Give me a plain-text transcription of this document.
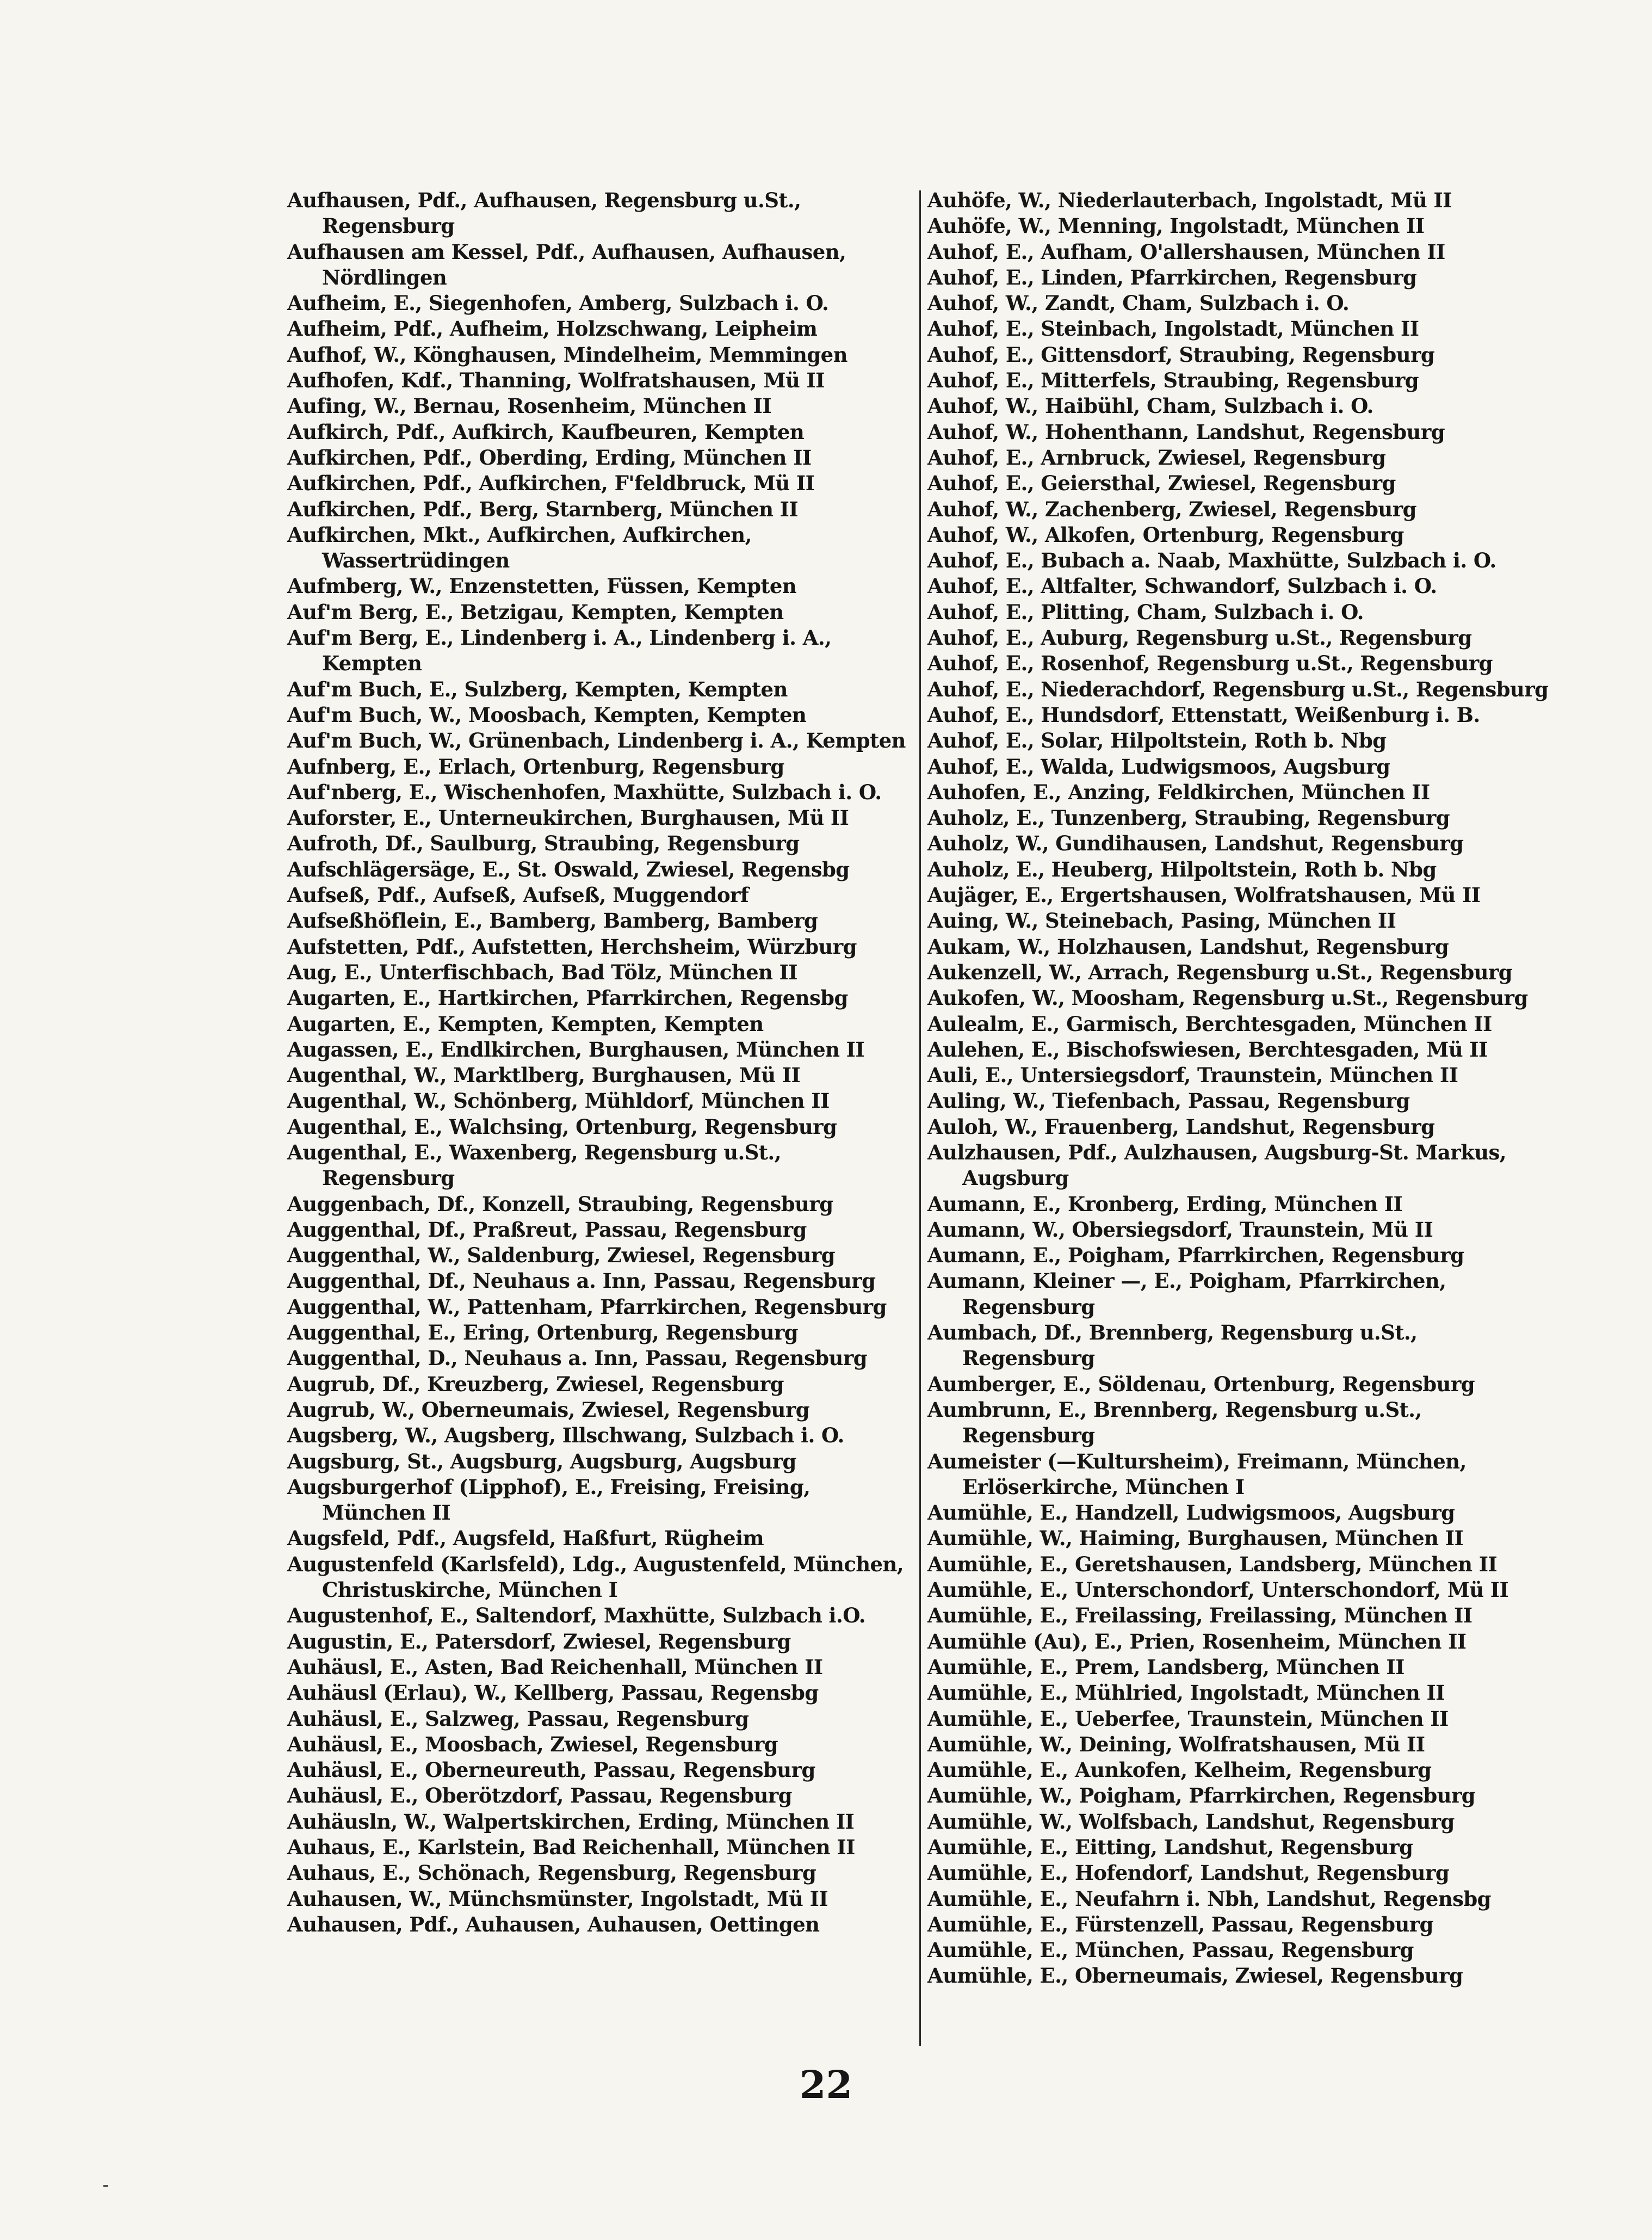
Aufhausen, Pdf., Aufhausen, Regensburg u.St., Regensburg
Aufhausen am Kessel, Pdf., Aufhausen, Aufhausen, Nördlingen
Aufheim, E., Siegenhofen, Amberg, Sulzbach i. O.
Aufheim, Pdf., Aufheim, Holzschwang, Leipheim
Aufhof, W., Könghausen, Mindelheim, Memmingen
Aufhofen, Kdf., Thanning, Wolfratshausen, Mü II
Aufing, W., Bernau, Rosenheim, München II
Aufkirch, Pdf., Aufkirch, Kaufbeuren, Kempten
Aufkirchen, Pdf., Oberding, Erding, München II
Aufkirchen, Pdf., Aufkirchen, F'feldbruck, Mü II
Aufkirchen, Pdf., Berg, Starnberg, München II
Aufkirchen, Mkt., Aufkirchen, Aufkirchen, Wassertrüdingen
Aufmberg, W., Enzenstetten, Füssen, Kempten
Auf'm Berg, E., Betzigau, Kempten, Kempten
Auf'm Berg, E., Lindenberg i. A., Lindenberg i. A., Kempten
Auf'm Buch, E., Sulzberg, Kempten, Kempten
Auf'm Buch, W., Moosbach, Kempten, Kempten
Auf'm Buch, W., Grünenbach, Lindenberg i. A., Kempten
Aufnberg, E., Erlach, Ortenburg, Regensburg
Auf'nberg, E., Wischenhofen, Maxhütte, Sulzbach i. O.
Auforster, E., Unterneukirchen, Burghausen, Mü II
Aufroth, Df., Saulburg, Straubing, Regensburg
Aufschlägersäge, E., St. Oswald, Zwiesel, Regensbg
Aufseß, Pdf., Aufseß, Aufseß, Muggendorf
Aufseßhöflein, E., Bamberg, Bamberg, Bamberg
Aufstetten, Pdf., Aufstetten, Herchsheim, Würzburg
Aug, E., Unterfischbach, Bad Tölz, München II
Augarten, E., Hartkirchen, Pfarrkirchen, Regensbg
Augarten, E., Kempten, Kempten, Kempten
Augassen, E., Endlkirchen, Burghausen, München II
Augenthal, W., Marktlberg, Burghausen, Mü II
Augenthal, W., Schönberg, Mühldorf, München II
Augenthal, E., Walchsing, Ortenburg, Regensburg
Augenthal, E., Waxenberg, Regensburg u.St., Regensburg
Auggenbach, Df., Konzell, Straubing, Regensburg
Auggenthal, Df., Praßreut, Passau, Regensburg
Auggenthal, W., Saldenburg, Zwiesel, Regensburg
Auggenthal, Df., Neuhaus a. Inn, Passau, Regensburg
Auggenthal, W., Pattenham, Pfarrkirchen, Regensburg
Auggenthal, E., Ering, Ortenburg, Regensburg
Auggenthal, D., Neuhaus a. Inn, Passau, Regensburg
Augrub, Df., Kreuzberg, Zwiesel, Regensburg
Augrub, W., Oberneumais, Zwiesel, Regensburg
Augsberg, W., Augsberg, Illschwang, Sulzbach i. O.
Augsburg, St., Augsburg, Augsburg, Augsburg
Augsburgerhof (Lipphof), E., Freising, Freising, München II
Augsfeld, Pdf., Augsfeld, Haßfurt, Rügheim
Augustenfeld (Karlsfeld), Ldg., Augustenfeld, München, Christuskirche, München I
Augustenhof, E., Saltendorf, Maxhütte, Sulzbach i.O.
Augustin, E., Patersdorf, Zwiesel, Regensburg
Auhäusl, E., Asten, Bad Reichenhall, München II
Auhäusl (Erlau), W., Kellberg, Passau, Regensbg
Auhäusl, E., Salzweg, Passau, Regensburg
Auhäusl, E., Moosbach, Zwiesel, Regensburg
Auhäusl, E., Oberneureuth, Passau, Regensburg
Auhäusl, E., Oberötzdorf, Passau, Regensburg
Auhäusln, W., Walpertskirchen, Erding, München II
Auhaus, E., Karlstein, Bad Reichenhall, München II
Auhaus, E., Schönach, Regensburg, Regensburg
Auhausen, W., Münchsmünster, Ingolstadt, Mü II
Auhausen, Pdf., Auhausen, Auhausen, Oettingen
Auhöfe, W., Niederlauterbach, Ingolstadt, Mü II
Auhöfe, W., Menning, Ingolstadt, München II
Auhof, E., Aufham, O'allershausen, München II
Auhof, E., Linden, Pfarrkirchen, Regensburg
Auhof, W., Zandt, Cham, Sulzbach i. O.
Auhof, E., Steinbach, Ingolstadt, München II
Auhof, E., Gittensdorf, Straubing, Regensburg
Auhof, E., Mitterfels, Straubing, Regensburg
Auhof, W., Haibühl, Cham, Sulzbach i. O.
Auhof, W., Hohenthann, Landshut, Regensburg
Auhof, E., Arnbruck, Zwiesel, Regensburg
Auhof, E., Geiersthal, Zwiesel, Regensburg
Auhof, W., Zachenberg, Zwiesel, Regensburg
Auhof, W., Alkofen, Ortenburg, Regensburg
Auhof, E., Bubach a. Naab, Maxhütte, Sulzbach i. O.
Auhof, E., Altfalter, Schwandorf, Sulzbach i. O.
Auhof, E., Plitting, Cham, Sulzbach i. O.
Auhof, E., Auburg, Regensburg u.St., Regensburg
Auhof, E., Rosenhof, Regensburg u.St., Regensburg
Auhof, E., Niederachdorf, Regensburg u.St., Regensburg
Auhof, E., Hundsdorf, Ettenstatt, Weißenburg i. B.
Auhof, E., Solar, Hilpoltstein, Roth b. Nbg
Auhof, E., Walda, Ludwigsmoos, Augsburg
Auhofen, E., Anzing, Feldkirchen, München II
Auholz, E., Tunzenberg, Straubing, Regensburg
Auholz, W., Gundihausen, Landshut, Regensburg
Auholz, E., Heuberg, Hilpoltstein, Roth b. Nbg
Aujäger, E., Ergertshausen, Wolfratshausen, Mü II
Auing, W., Steinebach, Pasing, München II
Aukam, W., Holzhausen, Landshut, Regensburg
Aukenzell, W., Arrach, Regensburg u.St., Regensburg
Aukofen, W., Moosham, Regensburg u.St., Regensburg
Aulealm, E., Garmisch, Berchtesgaden, München II
Aulehen, E., Bischofswiesen, Berchtesgaden, Mü II
Auli, E., Untersiegsdorf, Traunstein, München II
Auling, W., Tiefenbach, Passau, Regensburg
Auloh, W., Frauenberg, Landshut, Regensburg
Aulzhausen, Pdf., Aulzhausen, Augsburg-St. Markus, Augsburg
Aumann, E., Kronberg, Erding, München II
Aumann, W., Obersiegsdorf, Traunstein, Mü II
Aumann, E., Poigham, Pfarrkirchen, Regensburg
Aumann, Kleiner —, E., Poigham, Pfarrkirchen, Regensburg
Aumbach, Df., Brennberg, Regensburg u.St., Regensburg
Aumberger, E., Söldenau, Ortenburg, Regensburg
Aumbrunn, E., Brennberg, Regensburg u.St., Regensburg
Aumeister (—Kultursheim), Freimann, München, Erlöserkirche, München I
Aumühle, E., Handzell, Ludwigsmoos, Augsburg
Aumühle, W., Haiming, Burghausen, München II
Aumühle, E., Geretshausen, Landsberg, München II
Aumühle, E., Unterschondorf, Unterschondorf, Mü II
Aumühle, E., Freilassing, Freilassing, München II
Aumühle (Au), E., Prien, Rosenheim, München II
Aumühle, E., Prem, Landsberg, München II
Aumühle, E., Mühlried, Ingolstadt, München II
Aumühle, E., Ueberfee, Traunstein, München II
Aumühle, W., Deining, Wolfratshausen, Mü II
Aumühle, E., Aunkofen, Kelheim, Regensburg
Aumühle, W., Poigham, Pfarrkirchen, Regensburg
Aumühle, W., Wolfsbach, Landshut, Regensburg
Aumühle, E., Eitting, Landshut, Regensburg
Aumühle, E., Hofendorf, Landshut, Regensburg
Aumühle, E., Neufahrn i. Nbh, Landshut, Regensbg
Aumühle, E., Fürstenzell, Passau, Regensburg
Aumühle, E., München, Passau, Regensburg
Aumühle, E., Oberneumais, Zwiesel, Regensburg
22
